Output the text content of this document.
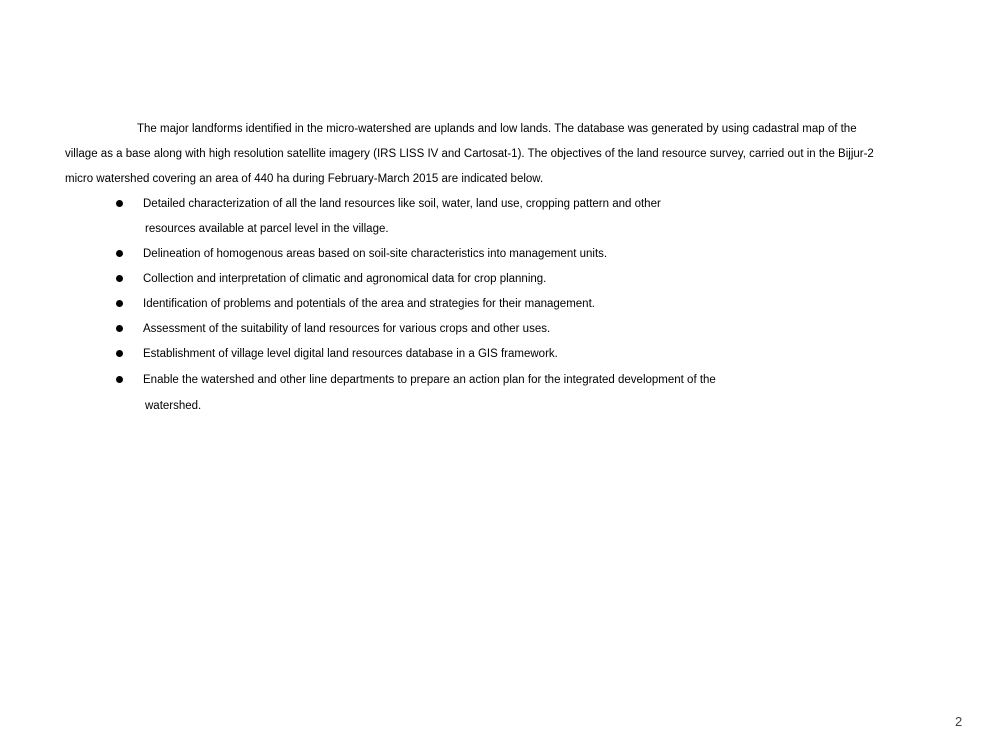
The major landforms identified in the micro-watershed are uplands and low lands. The database was generated by using cadastral map of the
village as a base along with high resolution satellite imagery (IRS LISS IV and Cartosat-1). The objectives of the land resource survey, carried out in the Bijjur-2
micro watershed covering an area of 440 ha during February-March 2015 are indicated below.
Detailed characterization of all the land resources like soil, water, land use, cropping pattern and other
resources available at parcel level in the village.
Delineation of homogenous areas based on soil-site characteristics into management units.
Collection and interpretation of climatic and agronomical data for crop planning.
Identification of problems and potentials of the area and strategies for their management.
Assessment of the suitability of land resources for various crops and other uses.
Establishment of village level digital land resources database in a GIS framework.
Enable the watershed and other line departments to prepare an action plan for the integrated development of the
watershed.
2
